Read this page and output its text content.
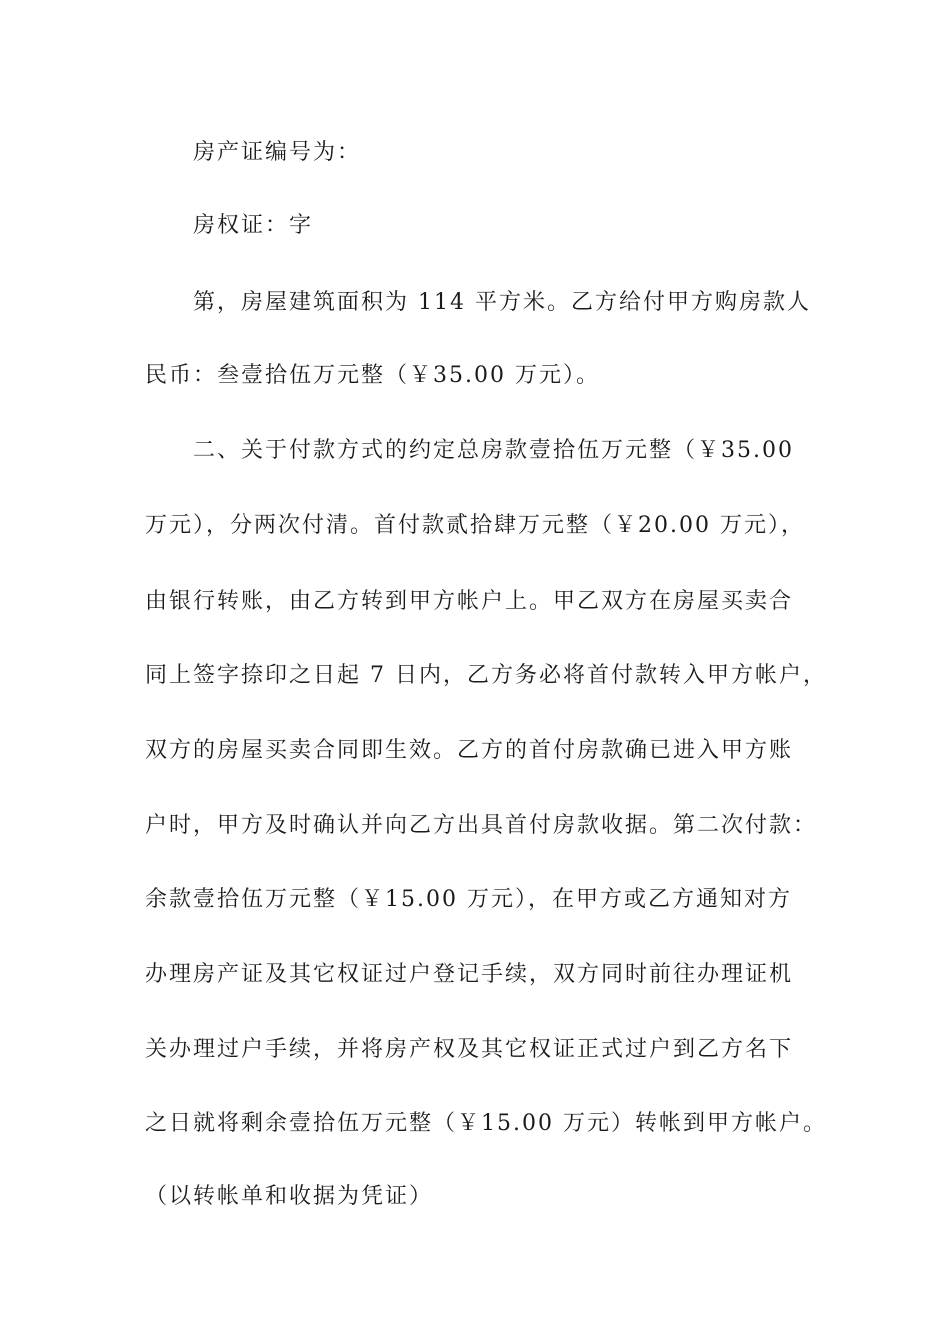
房产证编号为：

房权证：字

第，房屋建筑面积为 114 平方米。乙方给付甲方购房款人

民币：叁壹拾伍万元整（￥35.00 万元）。

二、关于付款方式的约定总房款壹拾伍万元整（￥35.00

万元），分两次付清。首付款贰拾肆万元整（￥20.00 万元），

由银行转账，由乙方转到甲方帐户上。甲乙双方在房屋买卖合

同上签字捺印之日起 7 日内，乙方务必将首付款转入甲方帐户，

双方的房屋买卖合同即生效。乙方的首付房款确已进入甲方账

户时，甲方及时确认并向乙方出具首付房款收据。第二次付款：

余款壹拾伍万元整（￥15.00 万元），在甲方或乙方通知对方

办理房产证及其它权证过户登记手续，双方同时前往办理证机

关办理过户手续，并将房产权及其它权证正式过户到乙方名下

之日就将剩余壹拾伍万元整（￥15.00 万元）转帐到甲方帐户。

（以转帐单和收据为凭证）
